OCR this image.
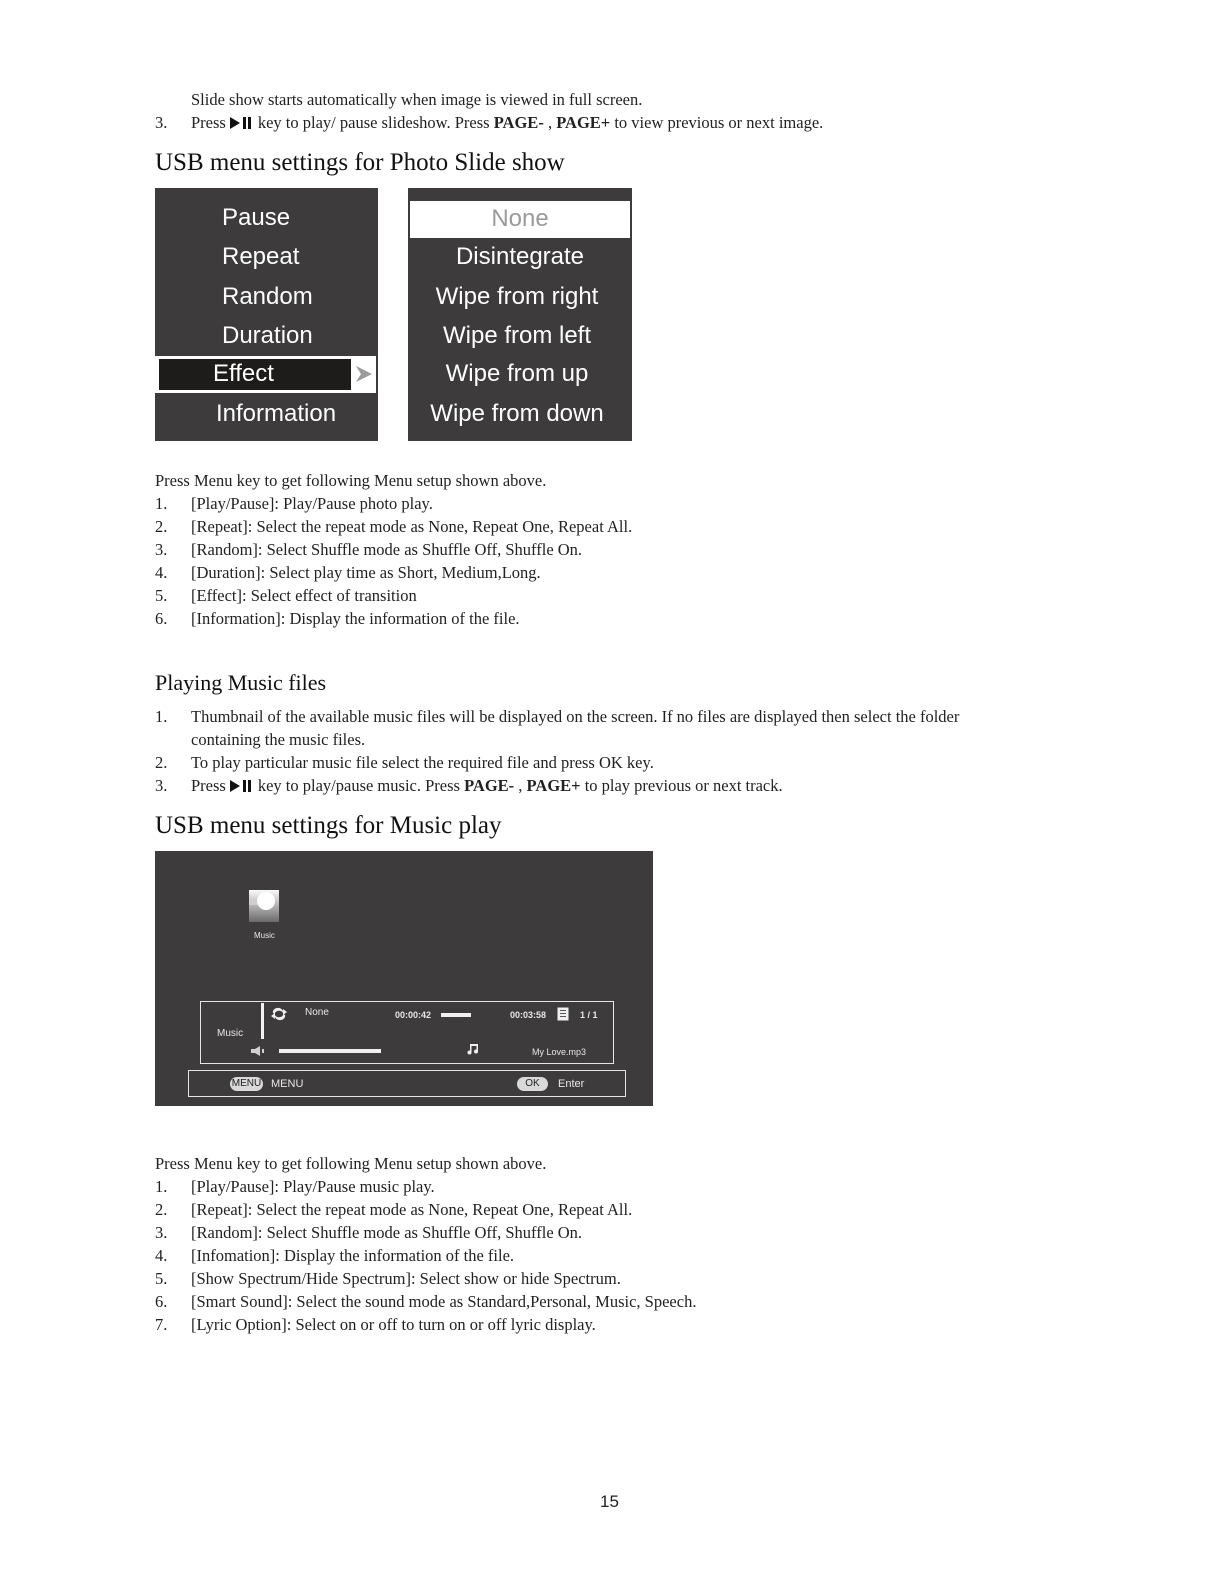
Slide show starts automatically when image is viewed in full screen.
3. Press key to play/ pause slideshow. Press PAGE- , PAGE+ to view previous or next image.
USB menu settings for Photo Slide show
Pause
Repeat
Random
Duration
Effect
Information
None
Disintegrate
Wipe from right
Wipe from left
Wipe from up
Wipe from down
Press Menu key to get following Menu setup shown above.
1. [Play/Pause]: Play/Pause photo play.
2. [Repeat]: Select the repeat mode as None, Repeat One, Repeat All.
3. [Random]: Select Shuffle mode as Shuffle Off, Shuffle On.
4. [Duration]: Select play time as Short, Medium,Long.
5. [Effect]: Select effect of transition
6. [Information]: Display the information of the file.
Playing Music files
1. Thumbnail of the available music files will be displayed on the screen. If no files are displayed then select the folder
containing the music files.
2. To play particular music file select the required file and press OK key.
3. Press key to play/pause music. Press PAGE- , PAGE+ to play previous or next track.
USB menu settings for Music play
Music
Music
None	00:00:42	00:03:58	1 / 1
My Love.mp3
MENU MENU	OK	Enter
Press Menu key to get following Menu setup shown above.
1. [Play/Pause]: Play/Pause music play.
2. [Repeat]: Select the repeat mode as None, Repeat One, Repeat All.
3. [Random]: Select Shuffle mode as Shuffle Off, Shuffle On.
4. [Infomation]: Display the information of the file.
5. [Show Spectrum/Hide Spectrum]: Select show or hide Spectrum.
6. [Smart Sound]: Select the sound mode as Standard,Personal, Music, Speech.
7. [Lyric Option]: Select on or off to turn on or off lyric display.
15
